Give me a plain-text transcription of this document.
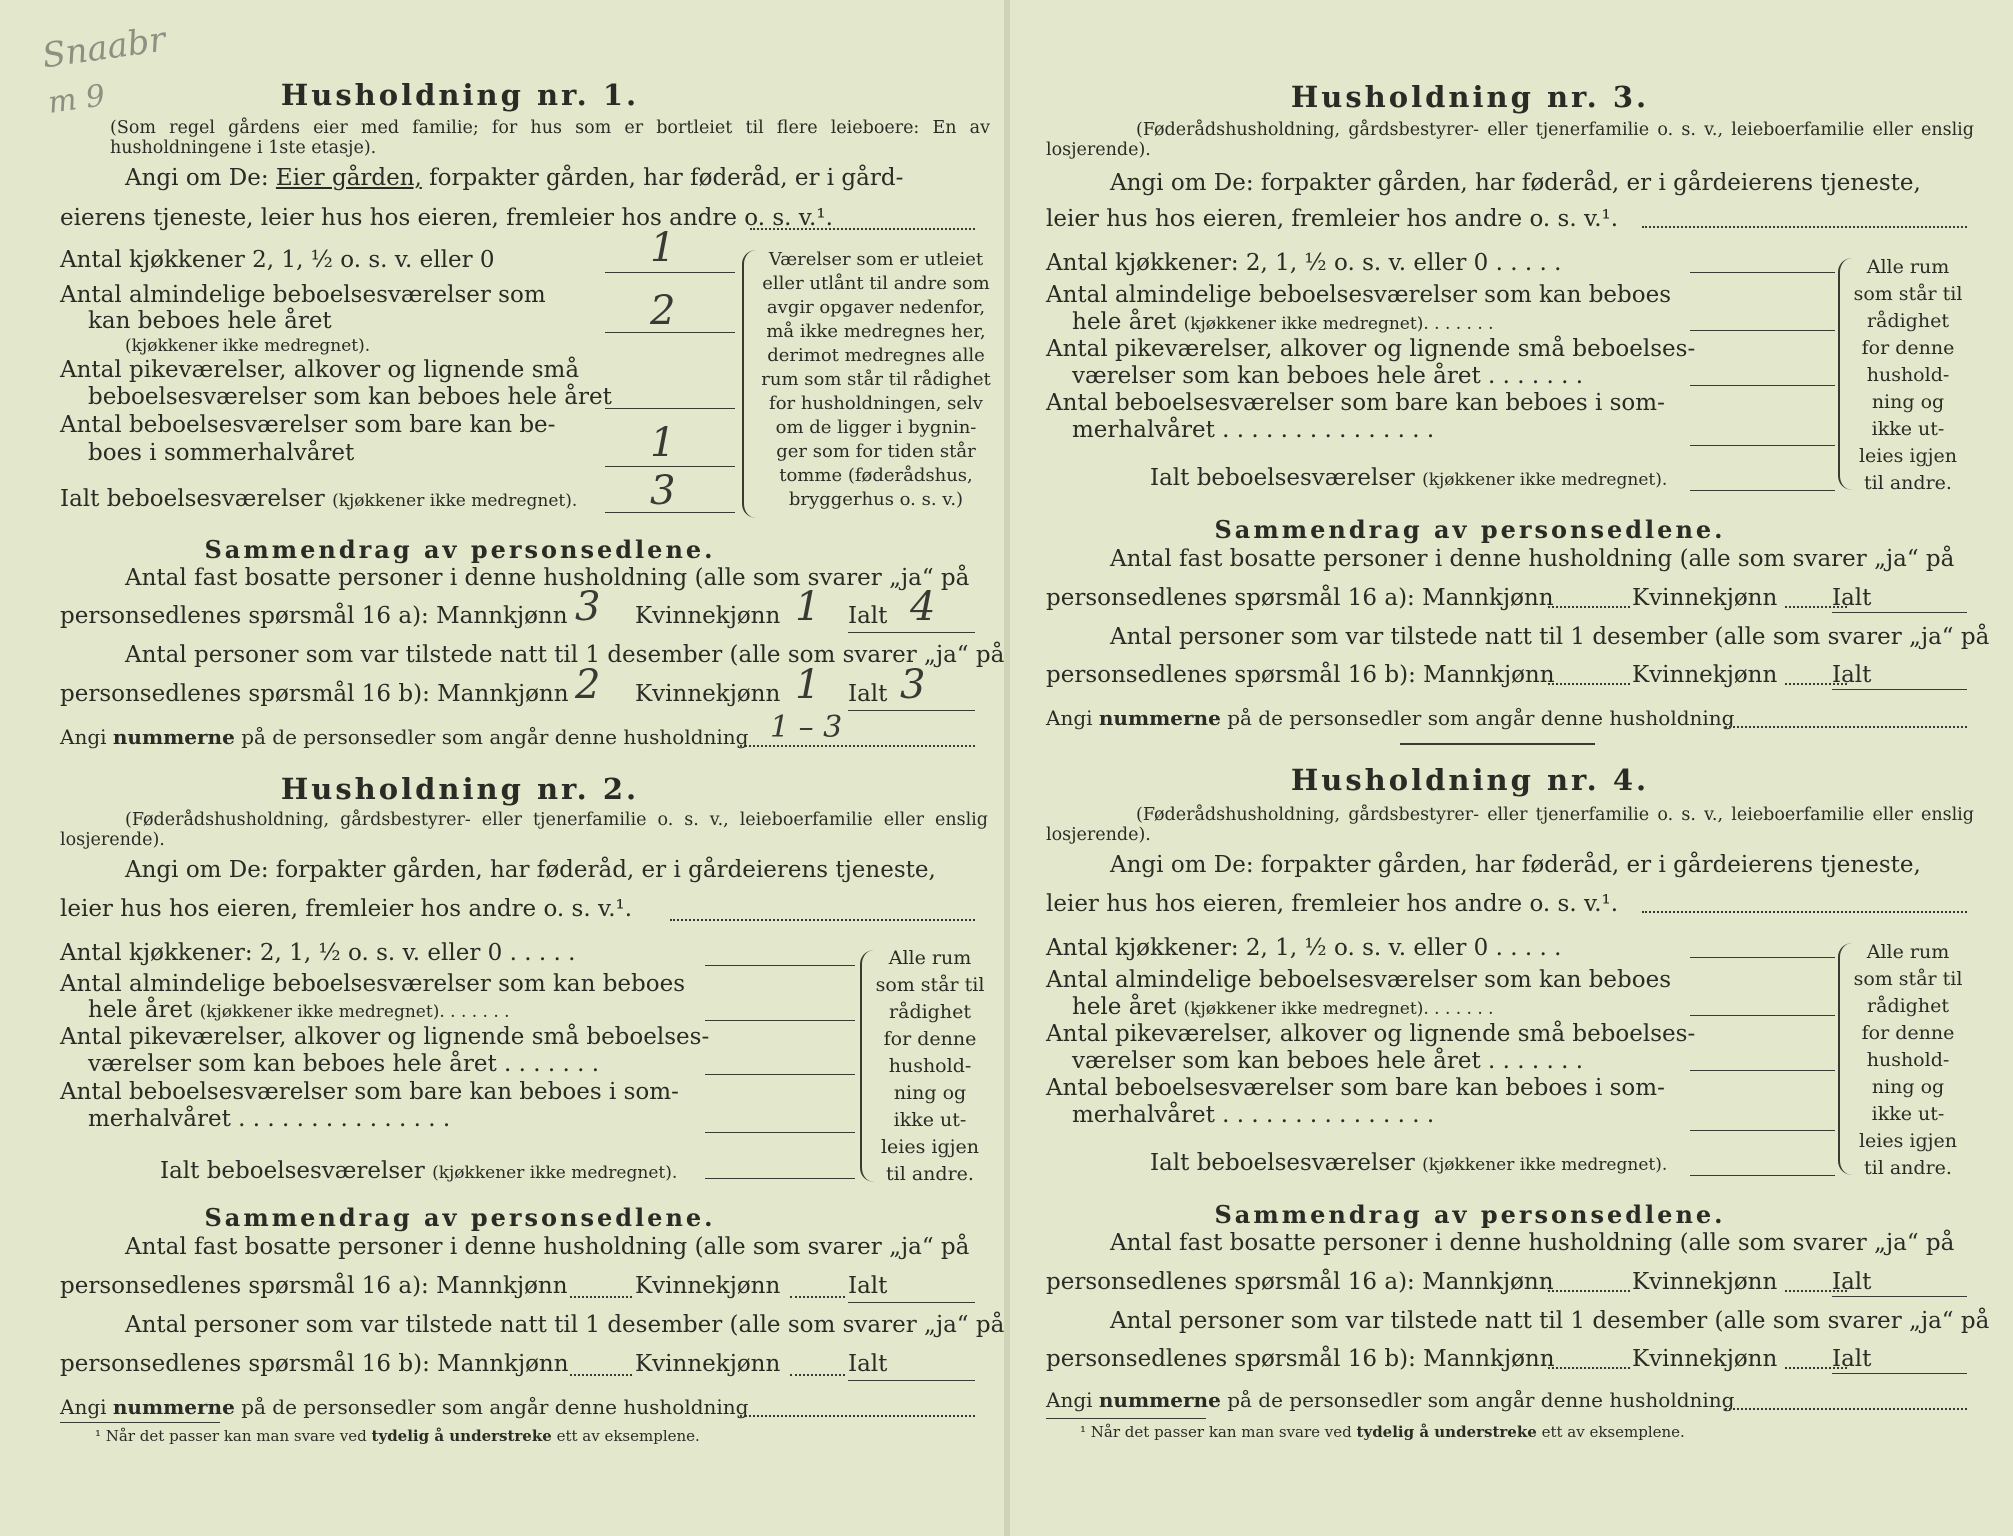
Snaabr
m 9	Husholdning nr. 1.
(Som regel gårdens eier med familie; for hus som er bortleiet til flere leieboere: En av husholdningene i 1ste etasje).
Angi om De: Eier gården, forpakter gården, har føderåd, er i gård-
eierens tjeneste, leier hus hos eieren, fremleier hos andre o. s. v.¹.
Antal kjøkkener 2, 1, ½ o. s. v. eller 0	1
Antal almindelige beboelsesværelser som
kan beboes hele året	2
(kjøkkener ikke medregnet).
Antal pikeværelser, alkover og lignende små
beboelsesværelser som kan beboes hele året
Antal beboelsesværelser som bare kan be-
boes i sommerhalvåret	1
Ialt beboelsesværelser (kjøkkener ikke medregnet). 3
Værelser som er utleiet
eller utlånt til andre som
avgir opgaver nedenfor,
må ikke medregnes her,
derimot medregnes alle
rum som står til rådighet
for husholdningen, selv
om de ligger i bygnin-
ger som for tiden står
tomme (føderådshus,
bryggerhus o. s. v.)
Sammendrag av personsedlene.
Antal fast bosatte personer i denne husholdning (alle som svarer „ja“ på
personsedlenes spørsmål 16 a): Mannkjønn 3 Kvinnekjønn 1 Ialt 4
Antal personer som var tilstede natt til 1 desember (alle som svarer „ja“ på
personsedlenes spørsmål 16 b): Mannkjønn 2 Kvinnekjønn 1 Ialt 3
Angi nummerne på de personsedler som angår denne husholdning 1 – 3
Husholdning nr. 2.
(Føderådshusholdning, gårdsbestyrer- eller tjenerfamilie o. s. v., leieboerfamilie eller enslig losjerende).
Angi om De: forpakter gården, har føderåd, er i gårdeierens tjeneste,
leier hus hos eieren, fremleier hos andre o. s. v.¹.
Antal kjøkkener: 2, 1, ½ o. s. v. eller 0 . . . . .
Antal almindelige beboelsesværelser som kan beboes
hele året (kjøkkener ikke medregnet). . . . . . .
Antal pikeværelser, alkover og lignende små beboelses-
værelser som kan beboes hele året . . . . . . .
Antal beboelsesværelser som bare kan beboes i som-
merhalvåret . . . . . . . . . . . . . . .
Ialt beboelsesværelser (kjøkkener ikke medregnet).
Alle rum
som står til
rådighet
for denne
hushold-
ning og
ikke ut-
leies igjen
til andre.
Sammendrag av personsedlene.
Antal fast bosatte personer i denne husholdning (alle som svarer „ja“ på
personsedlenes spørsmål 16 a): Mannkjønn	Kvinnekjønn	Ialt
Antal personer som var tilstede natt til 1 desember (alle som svarer „ja“ på
personsedlenes spørsmål 16 b): Mannkjønn	Kvinnekjønn	Ialt
Angi nummerne på de personsedler som angår denne husholdning
¹ Når det passer kan man svare ved tydelig å understreke ett av eksemplene.
Husholdning nr. 3.
(Føderådshusholdning, gårdsbestyrer- eller tjenerfamilie o. s. v., leieboerfamilie eller enslig losjerende).
Angi om De: forpakter gården, har føderåd, er i gårdeierens tjeneste,
leier hus hos eieren, fremleier hos andre o. s. v.¹.
Antal kjøkkener: 2, 1, ½ o. s. v. eller 0 . . . . .
Antal almindelige beboelsesværelser som kan beboes
hele året (kjøkkener ikke medregnet). . . . . . .
Antal pikeværelser, alkover og lignende små beboelses-
værelser som kan beboes hele året . . . . . . .
Antal beboelsesværelser som bare kan beboes i som-
merhalvåret . . . . . . . . . . . . . . .
Ialt beboelsesværelser (kjøkkener ikke medregnet).
Alle rum
som står til
rådighet
for denne
hushold-
ning og
ikke ut-
leies igjen
til andre.
Sammendrag av personsedlene.
Antal fast bosatte personer i denne husholdning (alle som svarer „ja“ på
personsedlenes spørsmål 16 a): Mannkjønn	Kvinnekjønn Ialt
Antal personer som var tilstede natt til 1 desember (alle som svarer „ja“ på
personsedlenes spørsmål 16 b): Mannkjønn	Kvinnekjønn Ialt
Angi nummerne på de personsedler som angår denne husholdning
Husholdning nr. 4.
(Føderådshusholdning, gårdsbestyrer- eller tjenerfamilie o. s. v., leieboerfamilie eller enslig losjerende).
Angi om De: forpakter gården, har føderåd, er i gårdeierens tjeneste,
leier hus hos eieren, fremleier hos andre o. s. v.¹.
Antal kjøkkener: 2, 1, ½ o. s. v. eller 0 . . . . .
Antal almindelige beboelsesværelser som kan beboes
hele året (kjøkkener ikke medregnet). . . . . . .
Antal pikeværelser, alkover og lignende små beboelses-
værelser som kan beboes hele året . . . . . . .
Antal beboelsesværelser som bare kan beboes i som-
merhalvåret . . . . . . . . . . . . . . .
Ialt beboelsesværelser (kjøkkener ikke medregnet).
Alle rum
som står til
rådighet
for denne
hushold-
ning og
ikke ut-
leies igjen
til andre.
Sammendrag av personsedlene.
Antal fast bosatte personer i denne husholdning (alle som svarer „ja“ på
personsedlenes spørsmål 16 a): Mannkjønn	Kvinnekjønn Ialt
Antal personer som var tilstede natt til 1 desember (alle som svarer „ja“ på
personsedlenes spørsmål 16 b): Mannkjønn	Kvinnekjønn Ialt
Angi nummerne på de personsedler som angår denne husholdning
¹ Når det passer kan man svare ved tydelig å understreke ett av eksemplene.
